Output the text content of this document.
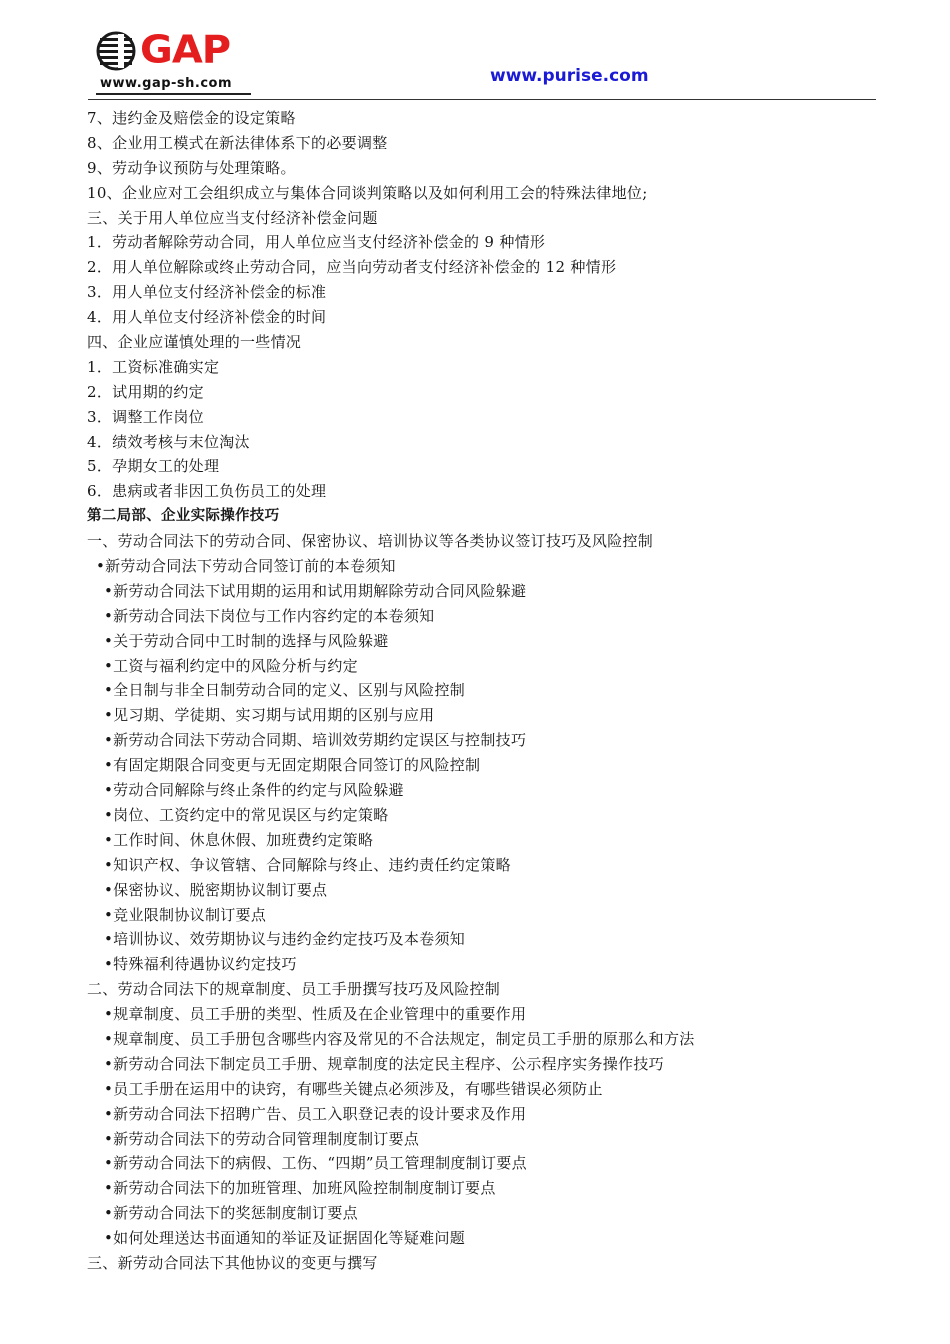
GAP
www.gap-sh.com	www.purise.com
7、违约金及赔偿金的设定策略
8、企业用工模式在新法律体系下的必要调整
9、劳动争议预防与处理策略。
10、企业应对工会组织成立与集体合同谈判策略以及如何利用工会的特殊法律地位;
三、关于用人单位应当支付经济补偿金问题
1．劳动者解除劳动合同，用人单位应当支付经济补偿金的 9 种情形
2．用人单位解除或终止劳动合同，应当向劳动者支付经济补偿金的 12 种情形
3．用人单位支付经济补偿金的标准
4．用人单位支付经济补偿金的时间
四、企业应谨慎处理的一些情况
1．工资标准确实定
2．试用期的约定
3．调整工作岗位
4．绩效考核与末位淘汰
5．孕期女工的处理
6．患病或者非因工负伤员工的处理
第二局部、企业实际操作技巧
一、劳动合同法下的劳动合同、保密协议、培训协议等各类协议签订技巧及风险控制
•新劳动合同法下劳动合同签订前的本卷须知
•新劳动合同法下试用期的运用和试用期解除劳动合同风险躲避
•新劳动合同法下岗位与工作内容约定的本卷须知
•关于劳动合同中工时制的选择与风险躲避
•工资与福利约定中的风险分析与约定
•全日制与非全日制劳动合同的定义、区别与风险控制
•见习期、学徒期、实习期与试用期的区别与应用
•新劳动合同法下劳动合同期、培训效劳期约定误区与控制技巧
•有固定期限合同变更与无固定期限合同签订的风险控制
•劳动合同解除与终止条件的约定与风险躲避
•岗位、工资约定中的常见误区与约定策略
•工作时间、休息休假、加班费约定策略
•知识产权、争议管辖、合同解除与终止、违约责任约定策略
•保密协议、脱密期协议制订要点
•竞业限制协议制订要点
•培训协议、效劳期协议与违约金约定技巧及本卷须知
•特殊福利待遇协议约定技巧
二、劳动合同法下的规章制度、员工手册撰写技巧及风险控制
•规章制度、员工手册的类型、性质及在企业管理中的重要作用
•规章制度、员工手册包含哪些内容及常见的不合法规定，制定员工手册的原那么和方法
•新劳动合同法下制定员工手册、规章制度的法定民主程序、公示程序实务操作技巧
•员工手册在运用中的诀窍，有哪些关键点必须涉及，有哪些错误必须防止
•新劳动合同法下招聘广告、员工入职登记表的设计要求及作用
•新劳动合同法下的劳动合同管理制度制订要点
•新劳动合同法下的病假、工伤、“四期”员工管理制度制订要点
•新劳动合同法下的加班管理、加班风险控制制度制订要点
•新劳动合同法下的奖惩制度制订要点
•如何处理送达书面通知的举证及证据固化等疑难问题
三、新劳动合同法下其他协议的变更与撰写
